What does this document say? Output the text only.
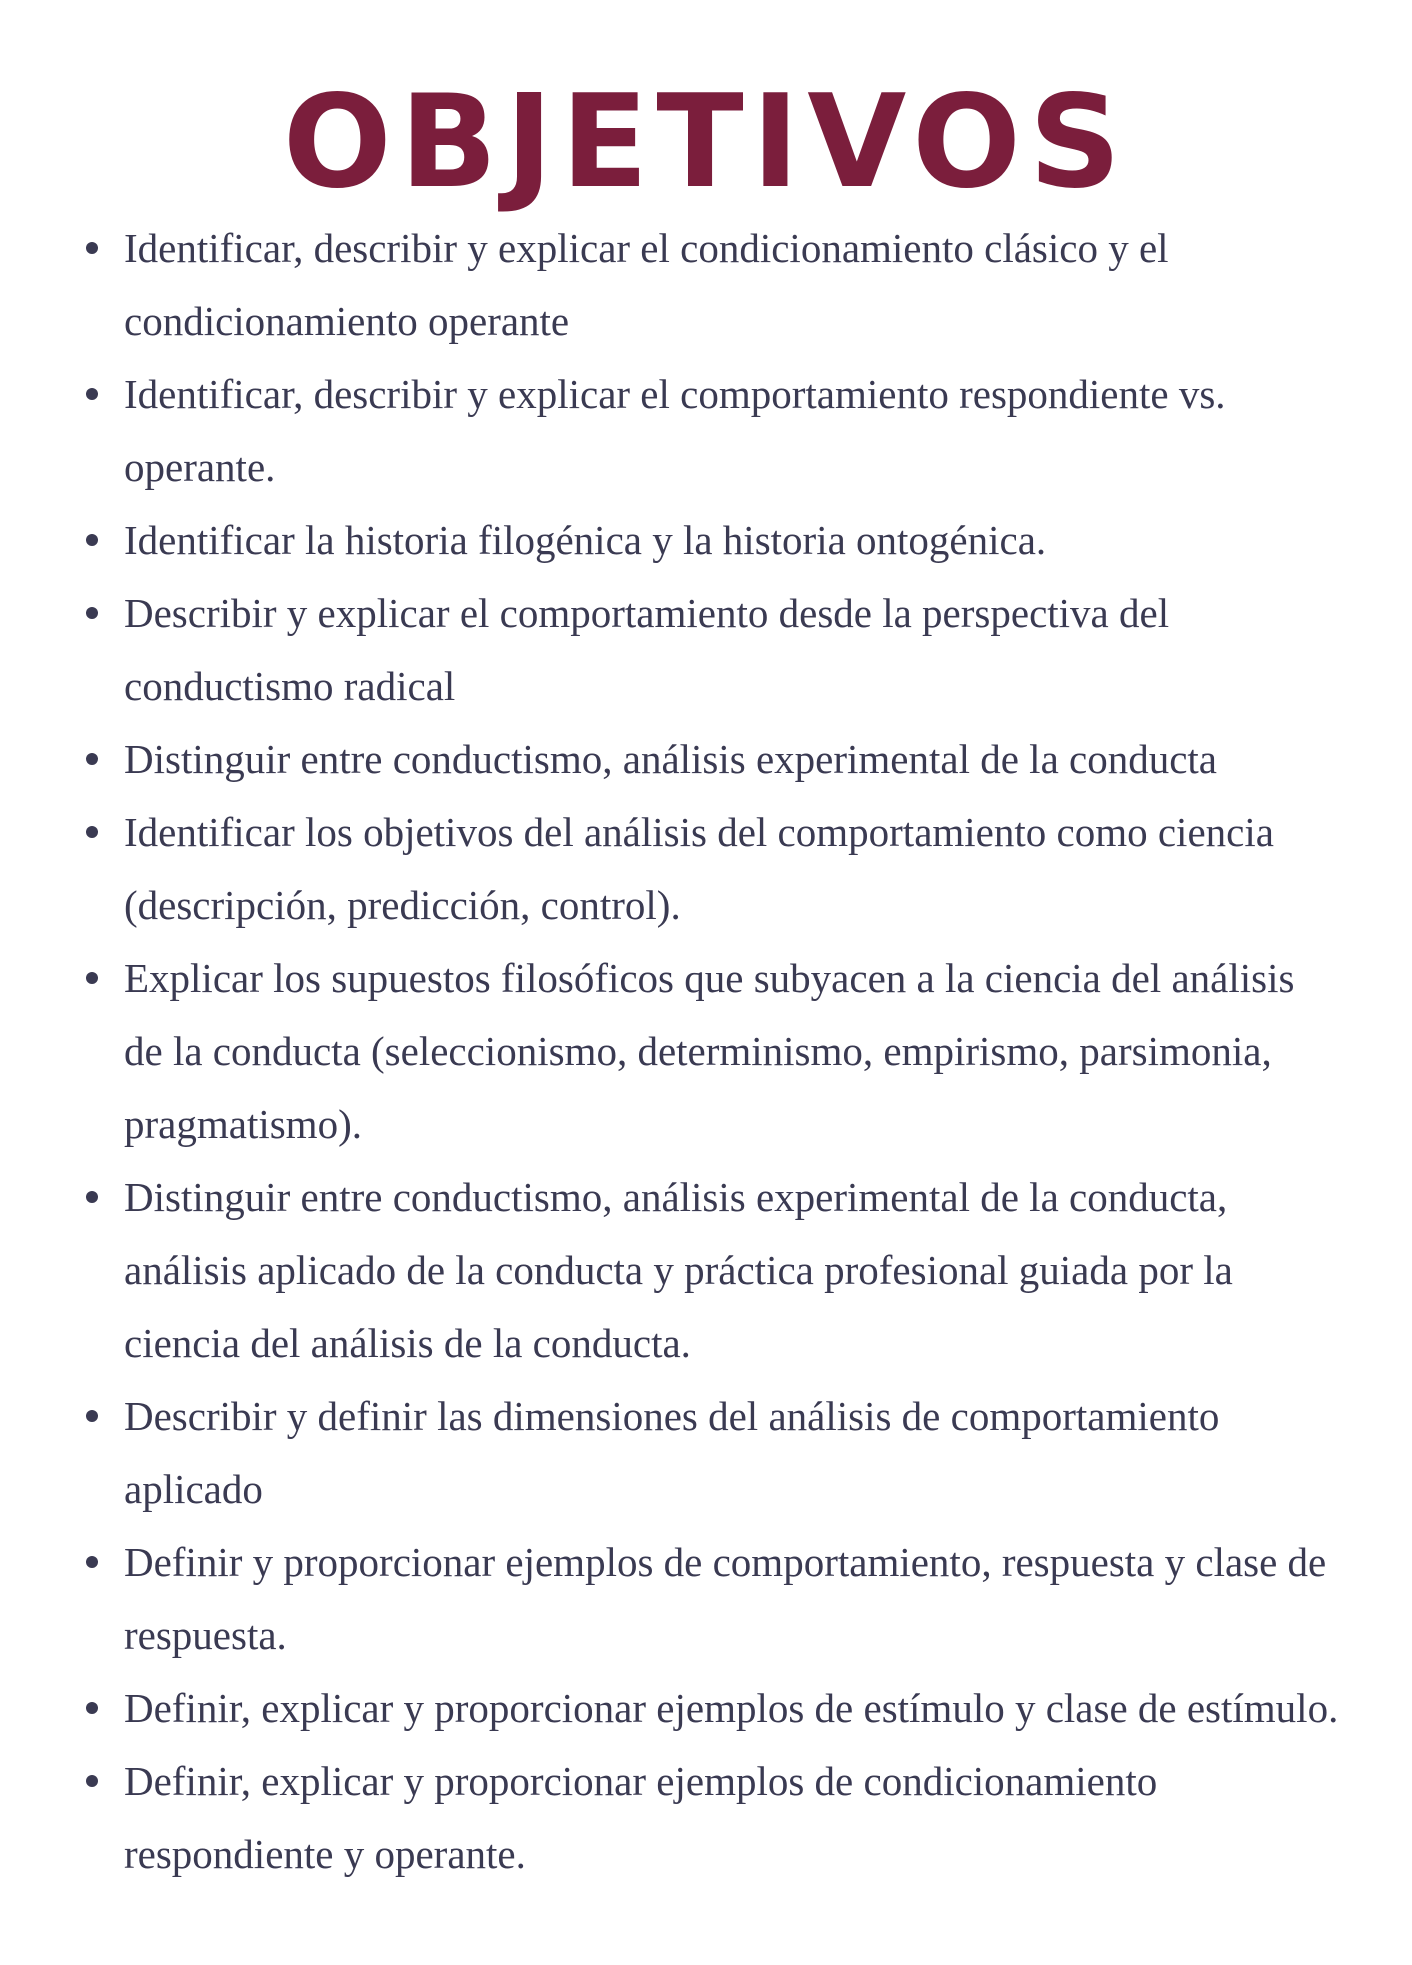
OBJETIVOS
Identificar, describir y explicar el condicionamiento clásico y el condicionamiento operante
Identificar, describir y explicar el comportamiento respondiente vs. operante.
Identificar la historia filogénica y la historia ontogénica.
Describir y explicar el comportamiento desde la perspectiva del conductismo radical
Distinguir entre conductismo, análisis experimental de la conducta
Identificar los objetivos del análisis del comportamiento como ciencia (descripción, predicción, control).
Explicar los supuestos filosóficos que subyacen a la ciencia del análisis de la conducta (seleccionismo, determinismo, empirismo, parsimonia, pragmatismo).
Distinguir entre conductismo, análisis experimental de la conducta, análisis aplicado de la conducta y práctica profesional guiada por la ciencia del análisis de la conducta.
Describir y definir las dimensiones del análisis de comportamiento aplicado
Definir y proporcionar ejemplos de comportamiento, respuesta y clase de respuesta.
Definir, explicar y proporcionar ejemplos de estímulo y clase de estímulo.
Definir, explicar y proporcionar ejemplos de condicionamiento respondiente y operante.
